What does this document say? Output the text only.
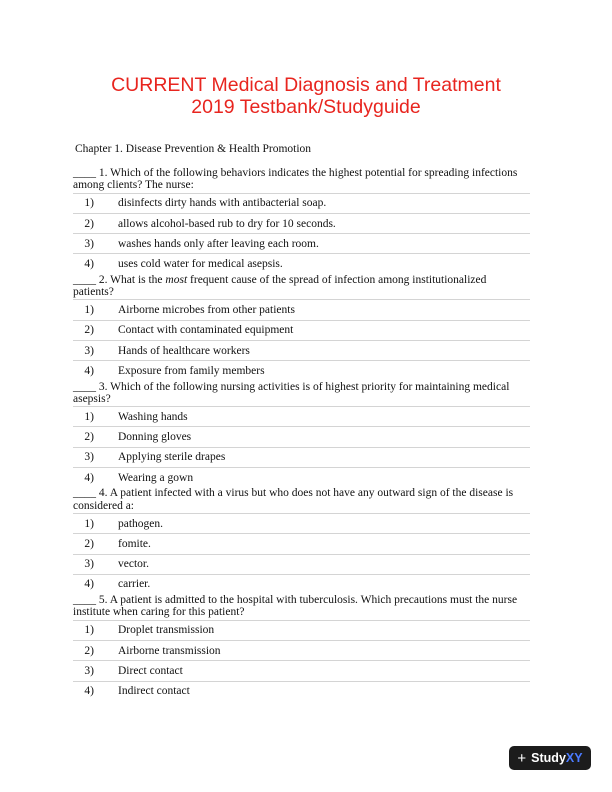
CURRENT Medical Diagnosis and Treatment
2019 Testbank/Studyguide
Chapter 1. Disease Prevention & Health Promotion
____ 1. Which of the following behaviors indicates the highest potential for spreading infections among clients? The nurse:
1) disinfects dirty hands with antibacterial soap.
2) allows alcohol-based rub to dry for 10 seconds.
3) washes hands only after leaving each room.
4) uses cold water for medical asepsis.
____ 2. What is the most frequent cause of the spread of infection among institutionalized patients?
1) Airborne microbes from other patients
2) Contact with contaminated equipment
3) Hands of healthcare workers
4) Exposure from family members
____ 3. Which of the following nursing activities is of highest priority for maintaining medical asepsis?
1) Washing hands
2) Donning gloves
3) Applying sterile drapes
4) Wearing a gown
____ 4. A patient infected with a virus but who does not have any outward sign of the disease is considered a:
1) pathogen.
2) fomite.
3) vector.
4) carrier.
____ 5. A patient is admitted to the hospital with tuberculosis. Which precautions must the nurse institute when caring for this patient?
1) Droplet transmission
2) Airborne transmission
3) Direct contact
4) Indirect contact
+ Study XY
